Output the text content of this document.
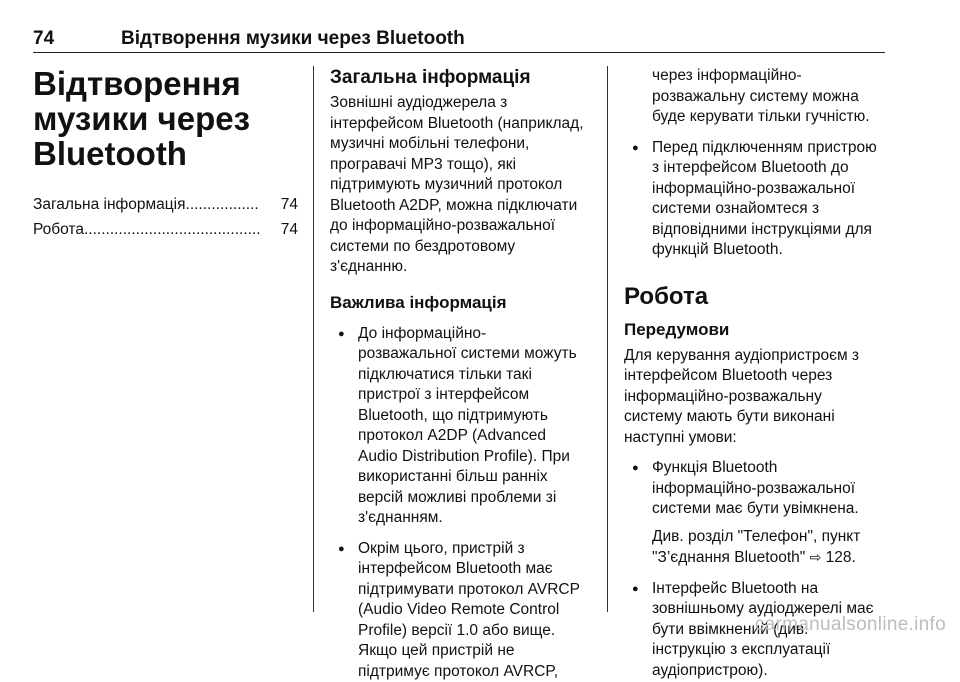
74	Відтворення музики через Bluetooth
Відтворення
музики через
Bluetooth
Загальна інформація .................	74
Робота .........................................	74
Загальна інформація

Зовнішні аудіоджерела з
інтерфейсом Bluetooth (наприклад,
музичні мобільні телефони,
програвачі MP3 тощо), які
підтримують музичний протокол
Bluetooth A2DP, можна підключати
до інформаційно-розважальної
системи по бездротовому
з'єднанню.

Важлива інформація
● До інформаційно-
розважальної системи можуть
підключатися тільки такі
пристрої з інтерфейсом
Bluetooth, що підтримують
протокол A2DP (Advanced
Audio Distribution Profile). При
використанні більш ранніх
версій можливі проблеми зі
з'єднанням.
● Окрім цього, пристрій з
інтерфейсом Bluetooth має
підтримувати протокол AVRCP
(Audio Video Remote Control
Profile) версії 1.0 або вище.
Якщо цей пристрій не
підтримує протокол AVRCP,
через інформаційно-
розважальну систему можна
буде керувати тільки гучністю.
● Перед підключенням пристрою
з інтерфейсом Bluetooth до
інформаційно-розважальної
системи ознайомтеся з
відповідними інструкціями для
функцій Bluetooth.
Робота
Передумови

Для керування аудіопристроєм з
інтерфейсом Bluetooth через
інформаційно-розважальну
систему мають бути виконані
наступні умови:

● Функція Bluetooth
інформаційно-розважальної
системи має бути увімкнена.
Див. розділ "Телефон", пункт
"З’єднання Bluetooth" ⇨ 128.
● Інтерфейс Bluetooth на
зовнішньому аудіоджерелі має
бути ввімкнений (див.
інструкцію з експлуатації
аудіопристрою).
carmanualsonline.info
